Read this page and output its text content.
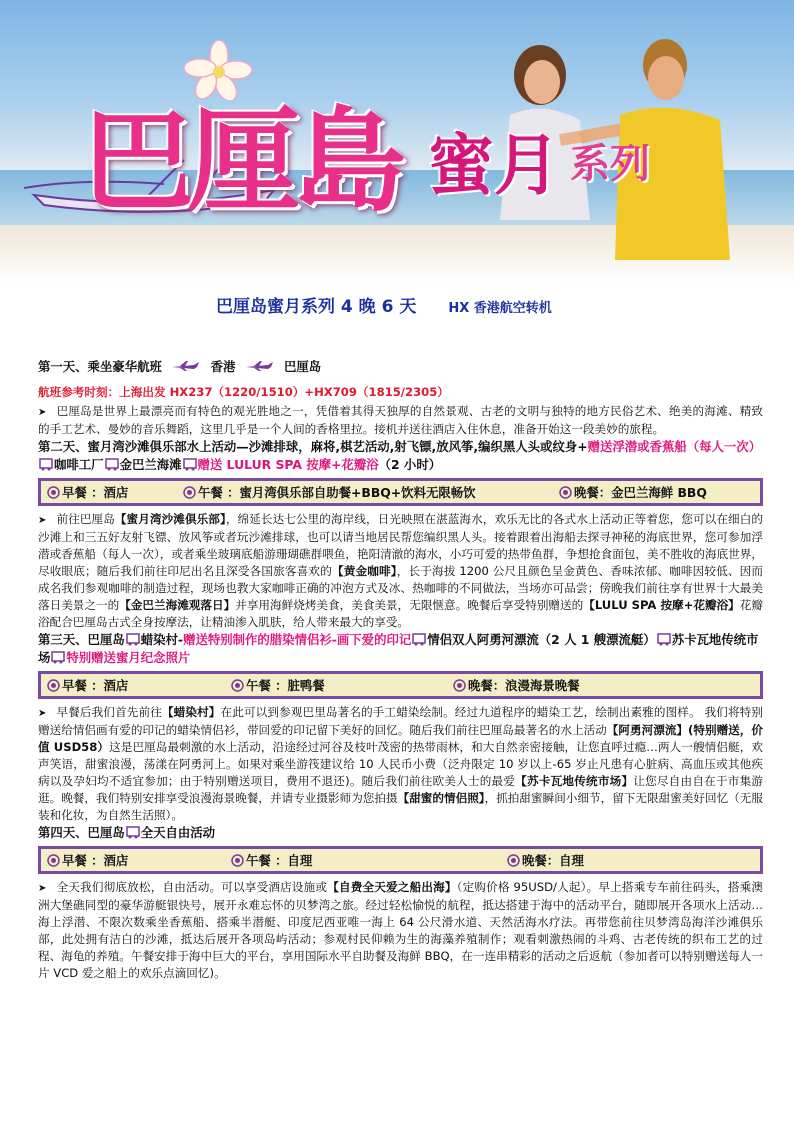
巴厘島 蜜月 系列
巴厘岛蜜月系列 4 晚 6 天 HX 香港航空转机
第一天、乘坐豪华航班	香港	巴厘岛
航班参考时刻：上海出发 HX237（1220/1510）+HX709（1815/2305）

➤ 巴厘岛是世界上最漂亮而有特色的观光胜地之一，凭借着其得天独厚的自然景观、古老的文明与独特的地方民俗艺术、绝美的海滩、精致的手工艺术、曼妙的音乐舞蹈，这里几乎是一个人间的香格里拉。接机并送往酒店入住休息，准备开始这一段美妙的旅程。

第二天、蜜月湾沙滩俱乐部水上活动—沙滩排球，麻将,棋艺活动,射飞镖,放风筝,编织黑人头或纹身+赠送浮潜或香蕉船（每人一次）咖啡工厂 金巴兰海滩 赠送 LULUR SPA 按摩+花瓣浴（2 小时）
早餐 ：酒店	午餐 ：蜜月湾俱乐部自助餐+BBQ+饮料无限畅饮	晚餐：金巴兰海鲜 BBQ

➤ 前往巴厘岛【蜜月湾沙滩俱乐部】，绵延长达七公里的海岸线，日光映照在湛蓝海水，欢乐无比的各式水上活动正等着您，您可以在细白的沙滩上和三五好友射飞镖、放风筝或者玩沙滩排球，也可以请当地居民帮您编织黑人头。接着跟着出海船去探寻神秘的海底世界，您可参加浮潜或香蕉船（每人一次），或者乘坐玻璃底船游珊瑚礁群喂鱼，艳阳清澈的海水，小巧可爱的热带鱼群，争想抢食面包，美不胜收的海底世界，尽收眼底；随后我们前往印尼出名且深受各国旅客喜欢的【黄金咖啡】，长于海拔 1200 公尺且颜色呈金黄色、香味浓郁、咖啡因较低、因而成名我们参观咖啡的制造过程，现场也教大家咖啡正确的冲泡方式及冰、热咖啡的不同做法，当场亦可品尝；傍晚我们前往享有世界十大最美落日美景之一的【金巴兰海滩观落日】并享用海鲜烧烤美食，美食美景，无限惬意。晚餐后享受特别赠送的【LULU SPA 按摩+花瓣浴】花瓣浴配合巴厘岛古式全身按摩法，让精油渗入肌肤，给人带来最大的享受。

第三天、巴厘岛 蜡染村-赠送特别制作的腊染情侣衫-画下爱的印记 情侣双人阿勇河漂流（2 人 1 艘漂流艇） 苏卡瓦地传统市场 特别赠送蜜月纪念照片
早餐 ：酒店	午餐 ：脏鸭餐	晚餐：浪漫海景晚餐

➤ 早餐后我们首先前往【蜡染村】在此可以到参观巴里岛著名的手工蜡染绘制。经过九道程序的蜡染工艺，绘制出素雅的图样。 我们将特别赠送给情侣画有爱的印记的蜡染情侣衫，带回爱的印记留下美好的回忆。随后我们前往巴厘岛最著名的水上活动【阿勇河漂流】(特别赠送，价值 USD58）这是巴厘岛最刺激的水上活动，沿途经过河谷及枝叶茂密的热带雨林，和大自然亲密接触，让您直呼过瘾…两人一艘情侣艇，欢声笑语，甜蜜浪漫，荡漾在阿勇河上。如果对乘坐游筏建议给 10 人民币小费（泛舟限定 10 岁以上-65 岁止凡患有心脏病、高血压或其他疾病以及孕妇均不适宜参加；由于特别赠送项目，费用不退还)。随后我们前往欧美人士的最爱【苏卡瓦地传统市场】让您尽自由自在于市集游逛。晚餐，我们特别安排享受浪漫海景晚餐，并请专业摄影师为您拍摄【甜蜜的情侣照】，抓拍甜蜜瞬间小细节，留下无限甜蜜美好回忆（无服装和化妆，为自然生活照）。

第四天、巴厘岛 全天自由活动
早餐 ：酒店	午餐 ：自理	晚餐：自理

➤ 全天我们彻底放松，自由活动。可以享受酒店设施或【自费全天爱之船出海】（定购价格 95USD/人起）。早上搭乘专车前往码头，搭乘澳洲大堡礁同型的豪华游艇银快号，展开永难忘怀的贝梦湾之旅。经过轻松愉悦的航程，抵达搭建于海中的活动平台，随即展开各项水上活动…海上浮潜、不限次数乘坐香蕉船、搭乘半潜艇、印度尼西亚唯一海上 64 公尺滑水道、天然活海水疗法。再带您前往贝梦湾岛海洋沙滩俱乐部，此处拥有洁白的沙滩，抵达后展开各项岛屿活动；参观村民仰赖为生的海藻养殖制作；观看刺激热闹的斗鸡、古老传统的织布工艺的过程、海龟的养殖。午餐安排于海中巨大的平台，享用国际水平自助餐及海鲜 BBQ，在一连串精彩的活动之后返航（参加者可以特别赠送每人一片 VCD 爱之船上的欢乐点滴回忆)。
